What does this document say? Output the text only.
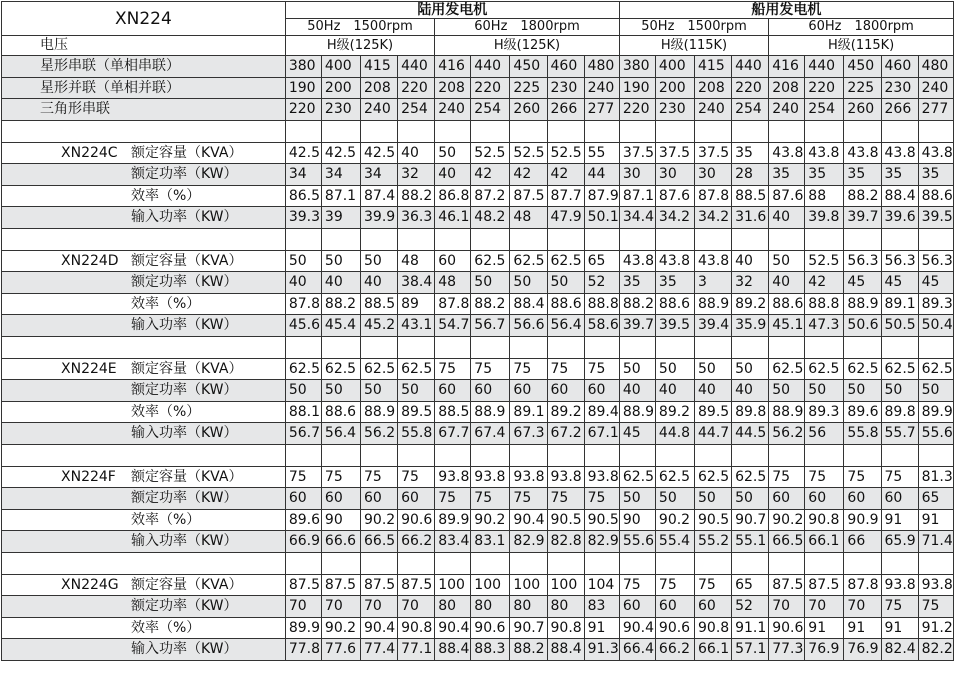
XN224	陆用发电机									船用发电机								
	50Hz　1500rpm				60Hz　1800rpm					50Hz　1500rpm				60Hz　1800rpm				
电压	H级(125K)				H级(125K)					H级(115K)				H级(115K)				
星形串联（单相串联）	380	400	415	440	416	440	450	460	480	380	400	415	440	416	440	450	460	480
星形并联（单相并联）	190	200	208	220	208	220	225	230	240	190	200	208	220	208	220	225	230	240
三角形串联	220	230	240	254	240	254	260	266	277	220	230	240	254	240	254	260	266	277

XN224C 额定容量（KVA）	42.5	42.5	42.5	40	50	52.5	52.5	52.5	55	37.5	37.5	37.5	35	43.8	43.8	43.8	43.8	43.8
额定功率（KW）	34	34	34	32	40	42	42	42	44	30	30	30	28	35	35	35	35	35
效率（%）	86.5	87.1	87.4	88.2	86.8	87.2	87.5	87.7	87.9	87.1	87.6	87.8	88.5	87.6	88	88.2	88.4	88.6
输入功率（KW）	39.3	39	39.9	36.3	46.1	48.2	48	47.9	50.1	34.4	34.2	34.2	31.6	40	39.8	39.7	39.6	39.5

XN224D 额定容量（KVA）	50	50	50	48	60	62.5	62.5	62.5	65	43.8	43.8	43.8	40	50	52.5	56.3	56.3	56.3
额定功率（KW）	40	40	40	38.4	48	50	50	50	52	35	35	3	32	40	42	45	45	45
效率（%）	87.8	88.2	88.5	89	87.8	88.2	88.4	88.6	88.8	88.2	88.6	88.9	89.2	88.6	88.8	88.9	89.1	89.3
输入功率（KW）	45.6	45.4	45.2	43.1	54.7	56.7	56.6	56.4	58.6	39.7	39.5	39.4	35.9	45.1	47.3	50.6	50.5	50.4

XN224E 额定容量（KVA）	62.5	62.5	62.5	62.5	75	75	75	75	75	50	50	50	50	62.5	62.5	62.5	62.5	62.5
额定功率（KW）	50	50	50	50	60	60	60	60	60	40	40	40	40	50	50	50	50	50
效率（%）	88.1	88.6	88.9	89.5	88.5	88.9	89.1	89.2	89.4	88.9	89.2	89.5	89.8	88.9	89.3	89.6	89.8	89.9
输入功率（KW）	56.7	56.4	56.2	55.8	67.7	67.4	67.3	67.2	67.1	45	44.8	44.7	44.5	56.2	56	55.8	55.7	55.6

XN224F 额定容量（KVA）	75	75	75	75	93.8	93.8	93.8	93.8	93.8	62.5	62.5	62.5	62.5	75	75	75	75	81.3
额定功率（KW）	60	60	60	60	75	75	75	75	75	50	50	50	50	60	60	60	60	65
效率（%）	89.6	90	90.2	90.6	89.9	90.2	90.4	90.5	90.5	90	90.2	90.5	90.7	90.2	90.8	90.9	91	91
输入功率（KW）	66.9	66.6	66.5	66.2	83.4	83.1	82.9	82.8	82.9	55.6	55.4	55.2	55.1	66.5	66.1	66	65.9	71.4

XN224G 额定容量（KVA）	87.5	87.5	87.5	87.5	100	100	100	100	104	75	75	75	65	87.5	87.5	87.8	93.8	93.8
额定功率（KW）	70	70	70	70	80	80	80	80	83	60	60	60	52	70	70	70	75	75
效率（%）	89.9	90.2	90.4	90.8	90.4	90.6	90.7	90.8	91	90.4	90.6	90.8	91.1	90.6	91	91	91	91.2
输入功率（KW）	77.8	77.6	77.4	77.1	88.4	88.3	88.2	88.4	91.3	66.4	66.2	66.1	57.1	77.3	76.9	76.9	82.4	82.2
